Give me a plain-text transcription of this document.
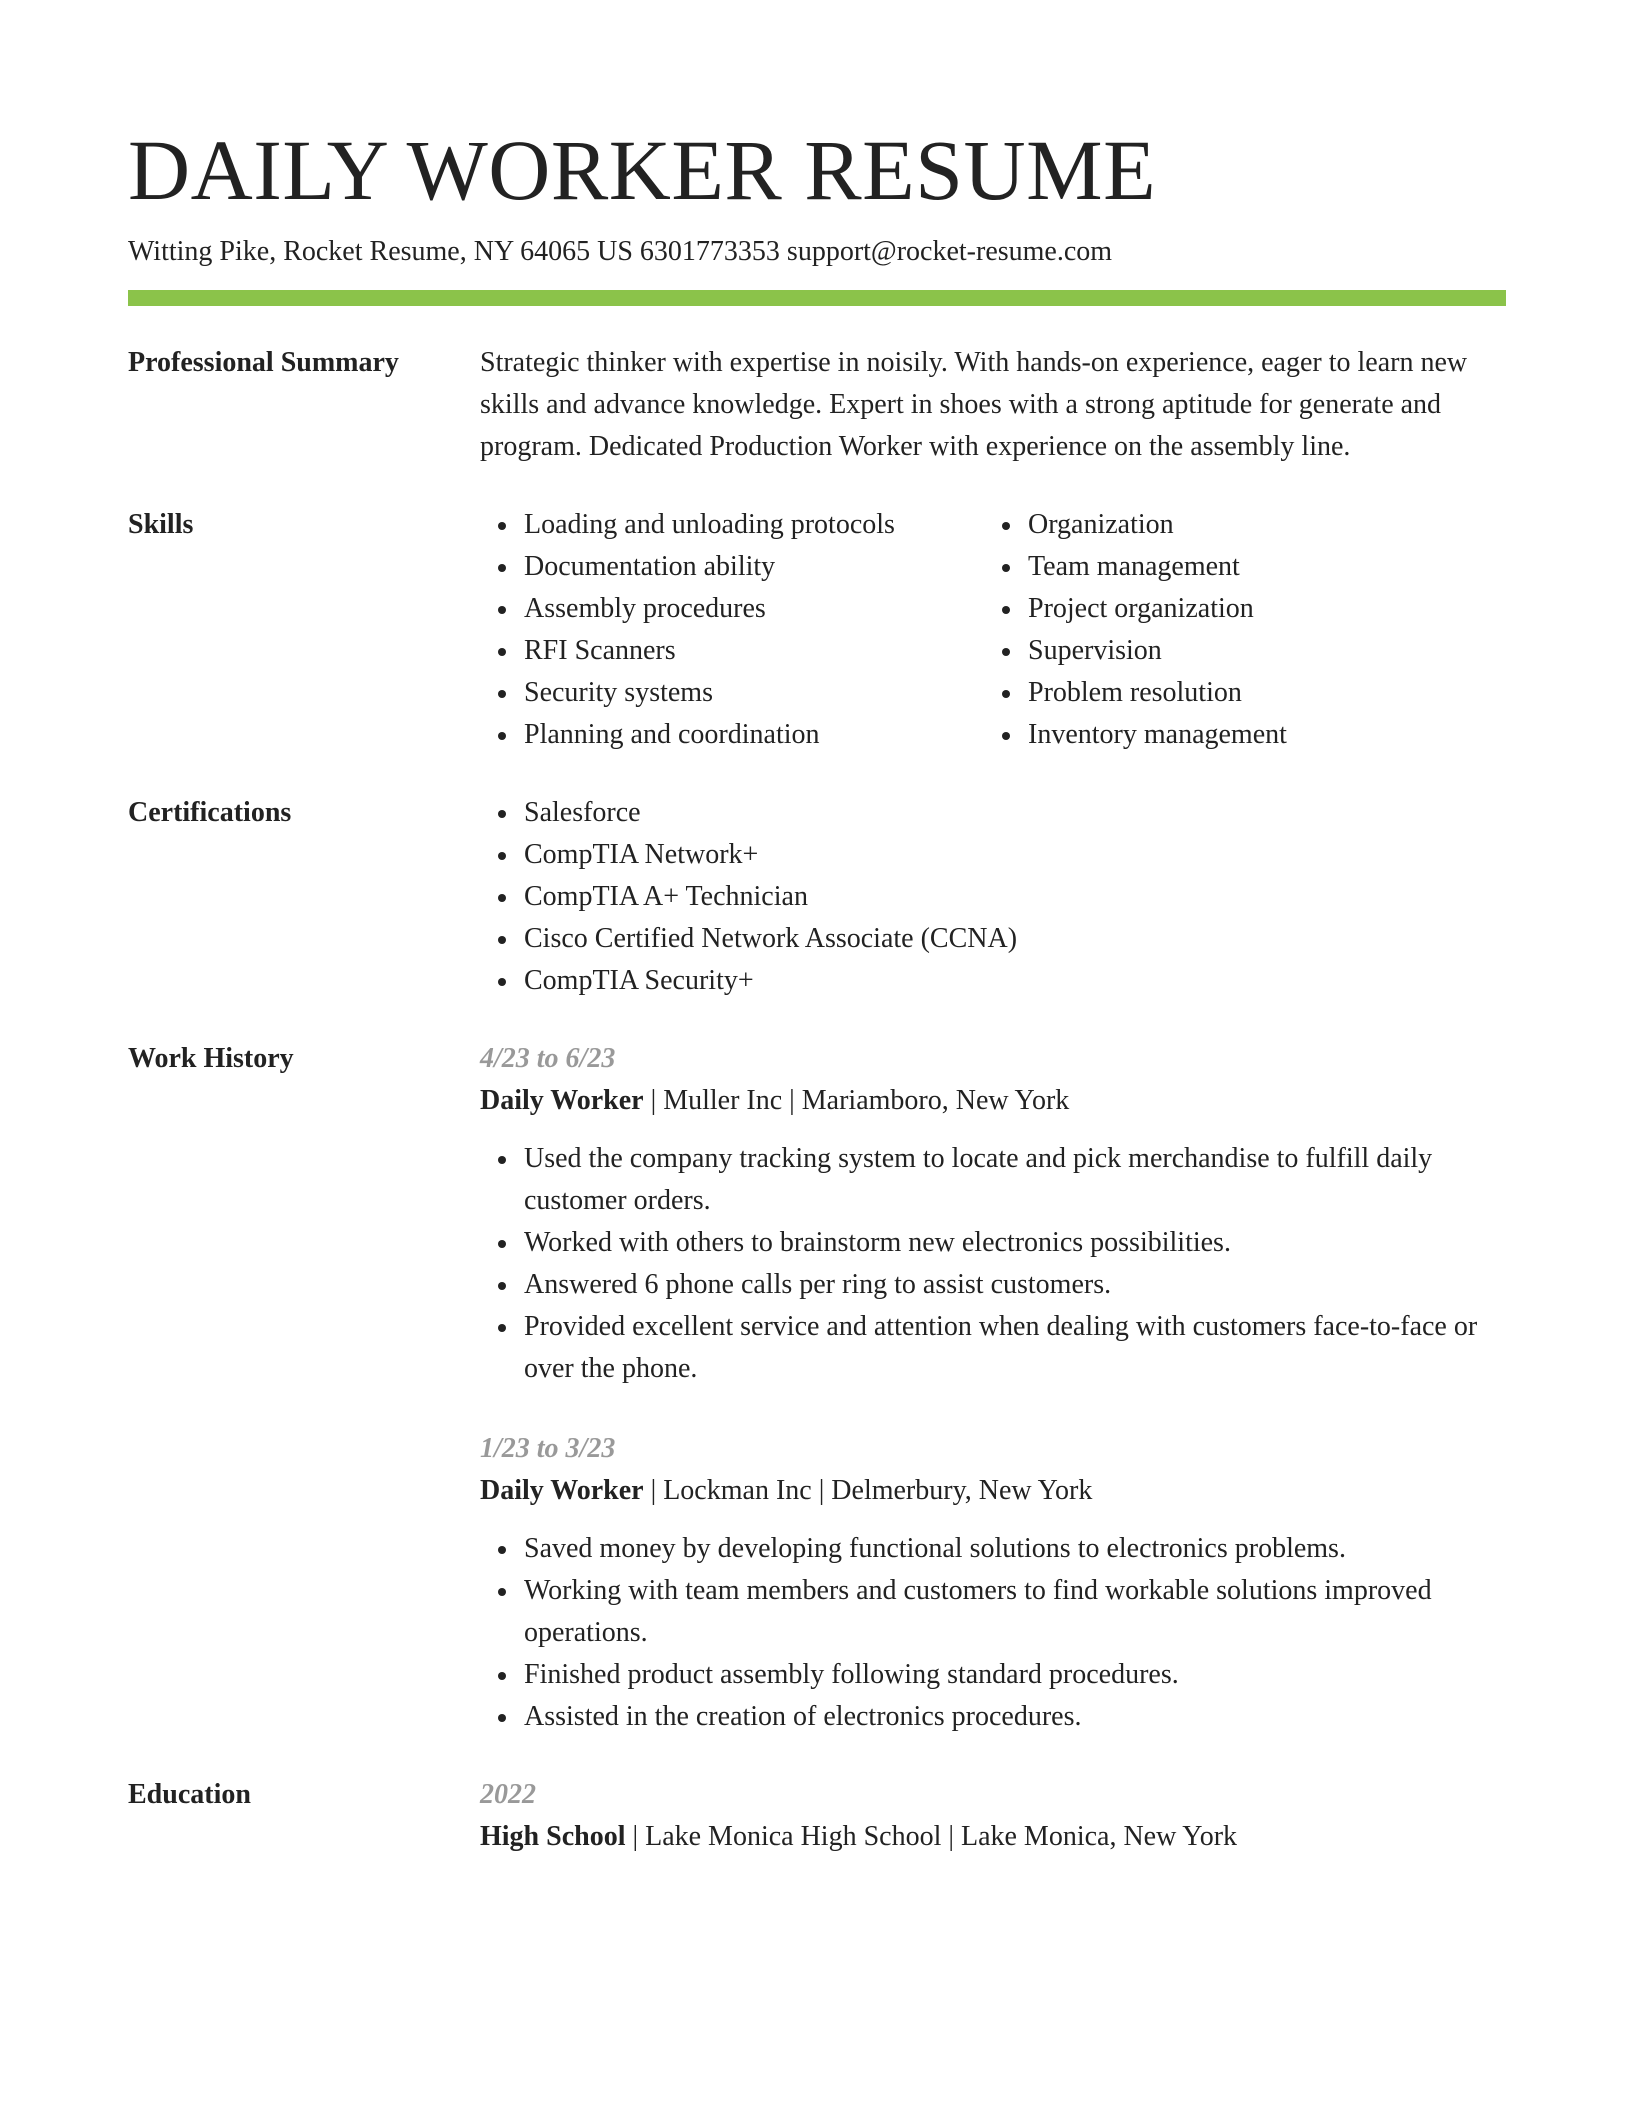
DAILY WORKER RESUME
Witting Pike, Rocket Resume, NY 64065 US 6301773353 support@rocket-resume.com
Professional Summary	Strategic thinker with expertise in noisily. With hands-on experience, eager to learn new skills and advance knowledge. Expert in shoes with a strong aptitude for generate and program. Dedicated Production Worker with experience on the assembly line.

Skills	Loading and unloading protocols
Documentation ability
Assembly procedures
RFI Scanners
Security systems
Planning and coordination
Organization
Team management
Project organization
Supervision
Problem resolution
Inventory management
Certifications	Salesforce
CompTIA Network+
CompTIA A+ Technician
Cisco Certified Network Associate (CCNA)
CompTIA Security+
Work History	4/23 to 6/23
Daily Worker | Muller Inc | Mariamboro, New York
Used the company tracking system to locate and pick merchandise to fulfill daily customer orders.
Worked with others to brainstorm new electronics possibilities.
Answered 6 phone calls per ring to assist customers.
Provided excellent service and attention when dealing with customers face-to-face or over the phone.
1/23 to 3/23
Daily Worker | Lockman Inc | Delmerbury, New York
Saved money by developing functional solutions to electronics problems.
Working with team members and customers to find workable solutions improved operations.
Finished product assembly following standard procedures.
Assisted in the creation of electronics procedures.
Education	2022
High School | Lake Monica High School | Lake Monica, New York
